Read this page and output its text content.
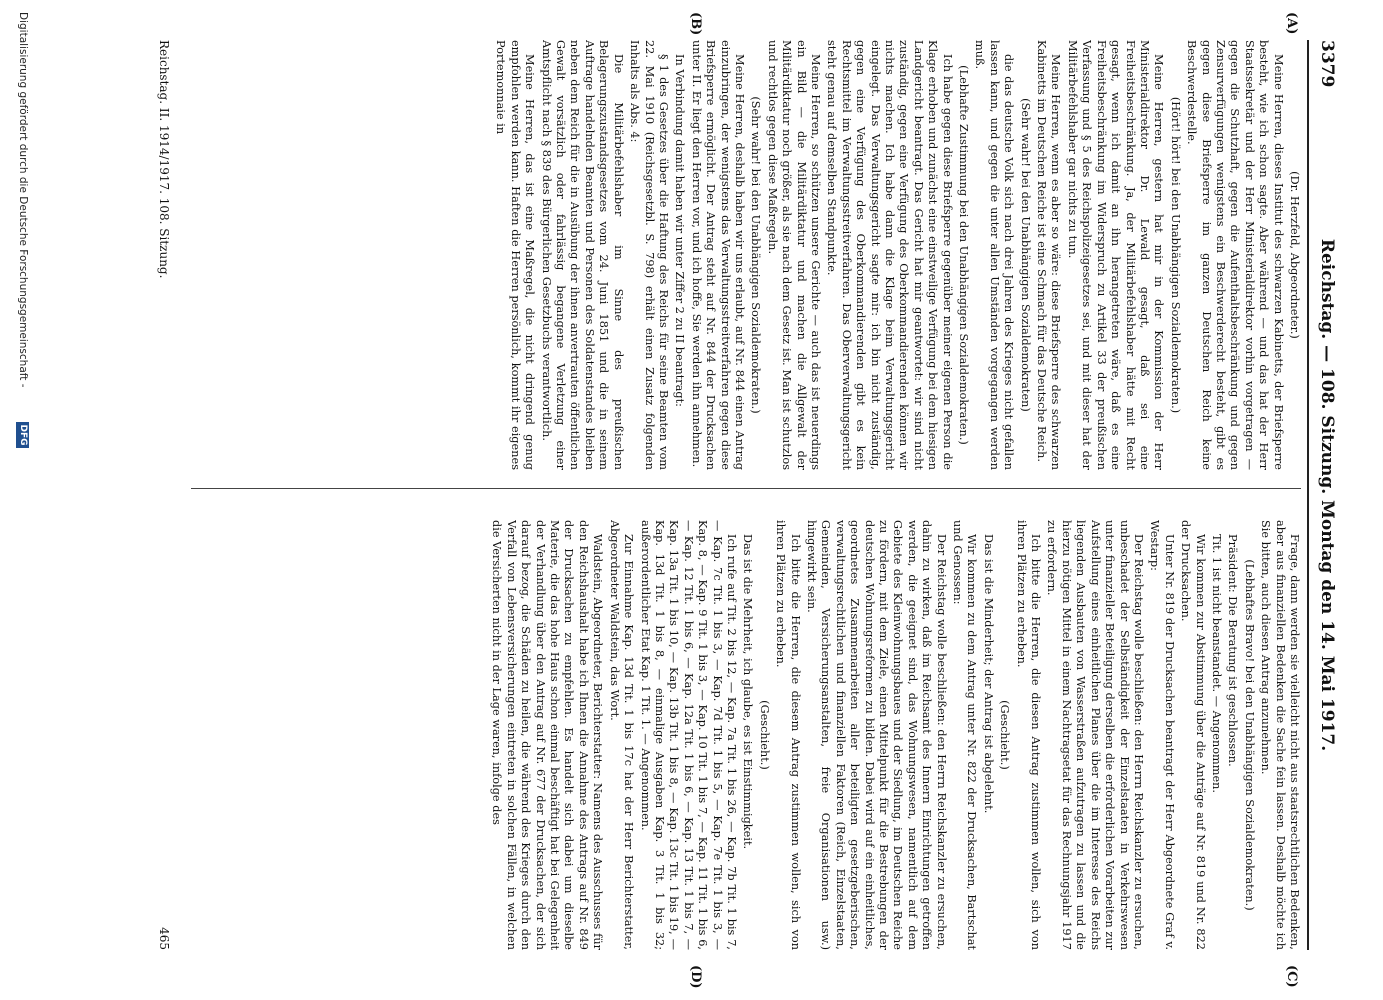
3379
Reichstag. — 108. Sitzung. Montag den 14. Mai 1917.
(A)
(B)
(C)
(D)

(Dr. Herzfeld, Abgeordneter.)

Meine Herren, dieses Institut des schwarzen Kabinetts, der Briefsperre besteht, wie ich schon sagte. Aber während — und das hat der Herr Staatssekretär und der Herr Ministerialdirektor vorhin vorgetragen — gegen die Schutzhaft, gegen die Aufenthaltsbeschränkung und gegen Zensurverfügungen wenigstens ein Beschwerderecht besteht, gibt es gegen diese Briefsperre im ganzen Deutschen Reich keine Beschwerdestelle.

(Hört! hört! bei den Unabhängigen Sozialdemokraten.)

Meine Herren, gestern hat mir in der Kommission der Herr Ministerialdirektor Dr. Lewald gesagt, daß sei eine Freiheitsbeschränkung. Ja, der Militärbefehlshaber hätte mit Recht gesagt, wenn ich damit an ihn herangetreten wäre, daß es eine Freiheitsbeschränkung im Widerspruch zu Artikel 33 der preußischen Verfassung und § 5 des Reichspolizeigesetzes sei, und mit dieser hat der Militärbefehlshaber gar nichts zu tun.

Meine Herren, wenn es aber so wäre: diese Briefsperre des schwarzen Kabinetts im Deutschen Reiche ist eine Schmach für das Deutsche Reich.

(Sehr wahr! bei den Unabhängigen Sozialdemokraten)

die das deutsche Volk sich nach drei Jahren des Krieges nicht gefallen lassen kann, und gegen die unter allen Umständen vorgegangen werden muß.

(Lebhafte Zustimmung bei den Unabhängigen Sozialdemokraten.)

Ich habe gegen diese Briefsperre gegenüber meiner eigenen Person die Klage erhoben und zunächst eine einstweilige Verfügung bei dem hiesigen Landgericht beantragt. Das Gericht hat mir geantwortet: wir sind nicht zuständig, gegen eine Verfügung des Oberkommandierenden können wir nichts machen. Ich habe dann die Klage beim Verwaltungsgericht eingelegt. Das Verwaltungsgericht sagte mir: ich bin nicht zuständig, gegen eine Verfügung des Oberkommandierenden gibt es kein Rechtsmittel im Verwaltungsstreitverfahren. Das Oberverwaltungsgericht steht genau auf demselben Standpunkte.

Meine Herren, so schützen unsere Gerichte — auch das ist neuerdings ein Bild — die Militärdiktatur und machen die Allgewalt der Militärdiktatur noch größer, als sie nach dem Gesetz ist. Man ist schutzlos und rechtlos gegen diese Maßregeln.

(Sehr wahr! bei den Unabhängigen Sozialdemokraten.)

Meine Herren, deshalb haben wir uns erlaubt, auf Nr. 844 einen Antrag einzubringen, der wenigstens das Verwaltungsstreitverfahren gegen diese Briefsperre ermöglicht. Der Antrag steht auf Nr. 844 der Drucksachen unter II. Er liegt den Herren vor, und ich hoffe, Sie werden ihn annehmen.

In Verbindung damit haben wir unter Ziffer 2 zu II beantragt:

§ 1 des Gesetzes über die Haftung des Reichs für seine Beamten vom 22. Mai 1910 (Reichsgesetzbl. S. 798) erhält einen Zusatz folgenden Inhalts als Abs. 4:

Die Militärbefehlshaber im Sinne des preußischen Belagerungszustandsgesetzes vom 24. Juni 1851 und die in seinem Auftrage handelnden Beamten und Personen des Soldatenstandes bleiben neben dem Reich für die in Ausübung der ihnen anvertrauten öffentlichen Gewalt vorsätzlich oder fahrlässig begangene Verletzung einer Amtspflicht nach § 839 des Bürgerlichen Gesetzbuchs verantwortlich.

Meine Herren, das ist eine Maßregel, die nicht dringend genug empfohlen werden kann. Haften die Herren persönlich, kommt ihr eigenes Portemonnaie in

Frage, dann werden sie vielleicht nicht aus staatsrechtlichen Bedenken, aber aus finanziellen Bedenken die Sache fein lassen. Deshalb möchte ich Sie bitten, auch diesen Antrag anzunehmen.

(Lebhaftes Bravo! bei den Unabhängigen Sozialdemokraten.)

Präsident: Die Beratung ist geschlossen.

Tit. 1 ist nicht beanstandet. — Angenommen.

Wir kommen zur Abstimmung über die Anträge auf Nr. 819 und Nr. 822 der Drucksachen.

Unter Nr. 819 der Drucksachen beantragt der Herr Abgeordnete Graf v. Westarp:

Der Reichstag wolle beschließen: den Herrn Reichskanzler zu ersuchen, unbeschadet der Selbständigkeit der Einzelstaaten in Verkehrswesen unter finanzieller Beteiligung derselben die erforderlichen Vorarbeiten zur Aufstellung eines einheitlichen Planes über die im Interesse des Reichs liegenden Ausbauten von Wasserstraßen aufzutragen zu lassen und die hierzu nötigen Mittel in einem Nachtragsetat für das Rechnungsjahr 1917 zu erfordern.

Ich bitte die Herren, die diesen Antrag zustimmen wollen, sich von ihren Plätzen zu erheben.

(Geschieht.)

Das ist die Minderheit; der Antrag ist abgelehnt.

Wir kommen zu dem Antrag unter Nr. 822 der Drucksachen, Bartschat und Genossen:

Der Reichstag wolle beschließen: den Herrn Reichskanzler zu ersuchen, dahin zu wirken, daß im Reichsamt des Innern Einrichtungen getroffen werden, die geeignet sind, das Wohnungswesen, namentlich auf dem Gebiete des Kleinwohnungsbaues und der Siedlung, im Deutschen Reiche zu fördern, mit dem Ziele, einen Mittelpunkt für die Bestrebungen der deutschen Wohnungsreformen zu bilden. Dabei wird auf ein einheitliches, geordnetes Zusammenarbeiten aller beteiligten gesetzgeberischen, verwaltungsrechtlichen und finanziellen Faktoren (Reich, Einzelstaaten, Gemeinden, Versicherungsanstalten, freie Organisationen usw.) hingewirkt sein.

Ich bitte die Herren, die diesem Antrag zustimmen wollen, sich von ihren Plätzen zu erheben.

(Geschieht.)

Das ist die Mehrheit, ich glaube, es ist Einstimmigkeit.

Ich rufe auf Tit. 2 bis 12, — Kap. 7a Tit. 1 bis 26, — Kap. 7b Tit. 1 bis 7, — Kap. 7c Tit. 1 bis 3, — Kap. 7d Tit. 1 bis 5, — Kap. 7e Tit. 1 bis 3, — Kap. 8, — Kap. 9 Tit. 1 bis 3, — Kap. 10 Tit. 1 bis 7, — Kap. 11 Tit. 1 bis 6, — Kap. 12 Tit. 1 bis 6, — Kap. 12a Tit. 1 bis 6, — Kap. 13 Tit. 1 bis 7, — Kap. 13a Tit. 1 bis 10, — Kap. 13b Tit. 1 bis 8, — Kap. 13c Tit. 1 bis 19, — Kap. 13d Tit. 1 bis 8, — einmalige Ausgaben Kap. 3 Tit. 1 bis 32; außerordentlicher Etat Kap. 1 Tit. 1. — Angenommen.

Zur Einnahme Kap. 13d Tit. 1 bis 17c hat der Herr Berichterstatter, Abgeordneter Waldstein, das Wort.

Waldstein, Abgeordneter, Berichterstatter: Namens des Ausschusses für den Reichshaushalt habe ich Ihnen die Annahme des Antrags auf Nr. 849 der Drucksachen zu empfehlen. Es handelt sich dabei um dieselbe Materie, die das hohe Haus schon einmal beschäftigt hat bei Gelegenheit der Verhandlung über den Antrag auf Nr. 677 der Drucksachen, der sich darauf bezog, die Schäden zu heilen, die während des Krieges durch den Verfall von Lebensversicherungen eintreten in solchen Fällen, in welchen die Versicherten nicht in der Lage waren, infolge des

Reichstag. II. 1914/1917. 108. Sitzung.
465
Digitalisierung gefördert durch die Deutsche Forschungsgemeinschaft -
DFG
